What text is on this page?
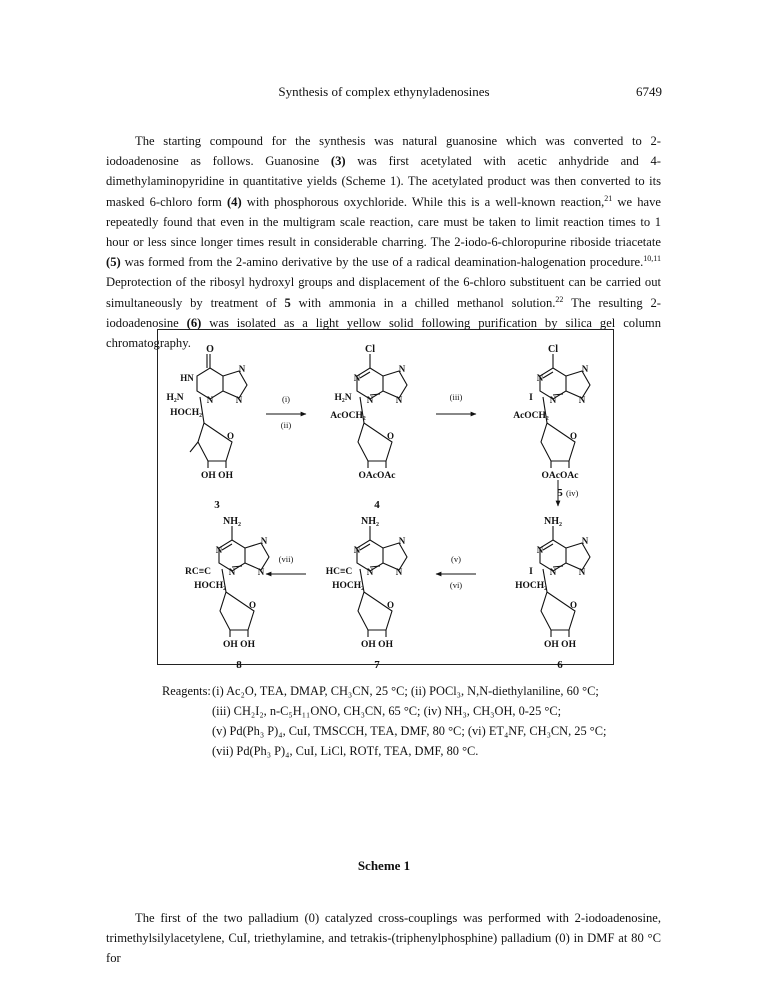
Synthesis of complex ethynyladenosines	6749

The starting compound for the synthesis was natural guanosine which was converted to 2-iodoadenosine as follows. Guanosine (3) was first acetylated with acetic anhydride and 4-dimethylaminopyridine in quantitative yields (Scheme 1). The acetylated product was then converted to its masked 6-chloro form (4) with phosphorous oxychloride. While this is a well-known reaction,$^{21}$ we have repeatedly found that even in the multigram scale reaction, care must be taken to limit reaction times to 1 hour or less since longer times result in considerable charring. The 2-iodo-6-chloropurine riboside triacetate (5) was formed from the 2-amino derivative by the use of a radical deamination-halogenation procedure.$^{10,11}$ Deprotection of the ribosyl hydroxyl groups and displacement of the 6-chloro substituent can be carried out simultaneously by treatment of 5 with ammonia in a chilled methanol solution.$^{22}$ The resulting 2-iodoadenosine (6) was isolated as a light yellow solid following purification by silica gel column chromatography.	O
HN
N
N	N
H₂N
HOCH₂
O
OH OH
3
Cl
N
N
N	N
H₂N
AcOCH₂
O
OAcOAc
4
Cl
N
N
N	N
I
AcOCH₂
O
OAcOAc
5
NH₂
N
N
N	N
RC≡C
HOCH₂
O
OH OH
8
NH₂
N
N
N	N
HC≡C
HOCH₂
O
OH OH
7
NH₂
N
N
N	N
I
HOCH₂
O
OH OH
6
(i)
(ii)
(iii)
(iv)
(v)
(vi)
(vii)
Reagents: (i) Ac₂O, TEA, DMAP, CH₃CN, 25 °C; (ii) POCl₃, N,N-diethylaniline, 60 °C;
(iii) CH₂I₂, n-C₅H₁₁ONO, CH₃CN, 65 °C; (iv) NH₃, CH₃OH, 0-25 °C;
(v) Pd(Ph₃ P)₄, CuI, TMSCCH, TEA, DMF, 80 °C; (vi) ET₄NF, CH₃CN, 25 °C;
(vii) Pd(Ph₃ P)₄, CuI, LiCl, ROTf, TEA, DMF, 80 °C.
Scheme 1

The first of the two palladium (0) catalyzed cross-couplings was performed with 2-iodoadenosine, trimethylsilylacetylene, CuI, triethylamine, and tetrakis-(triphenylphosphine) palladium (0) in DMF at 80 °C for
